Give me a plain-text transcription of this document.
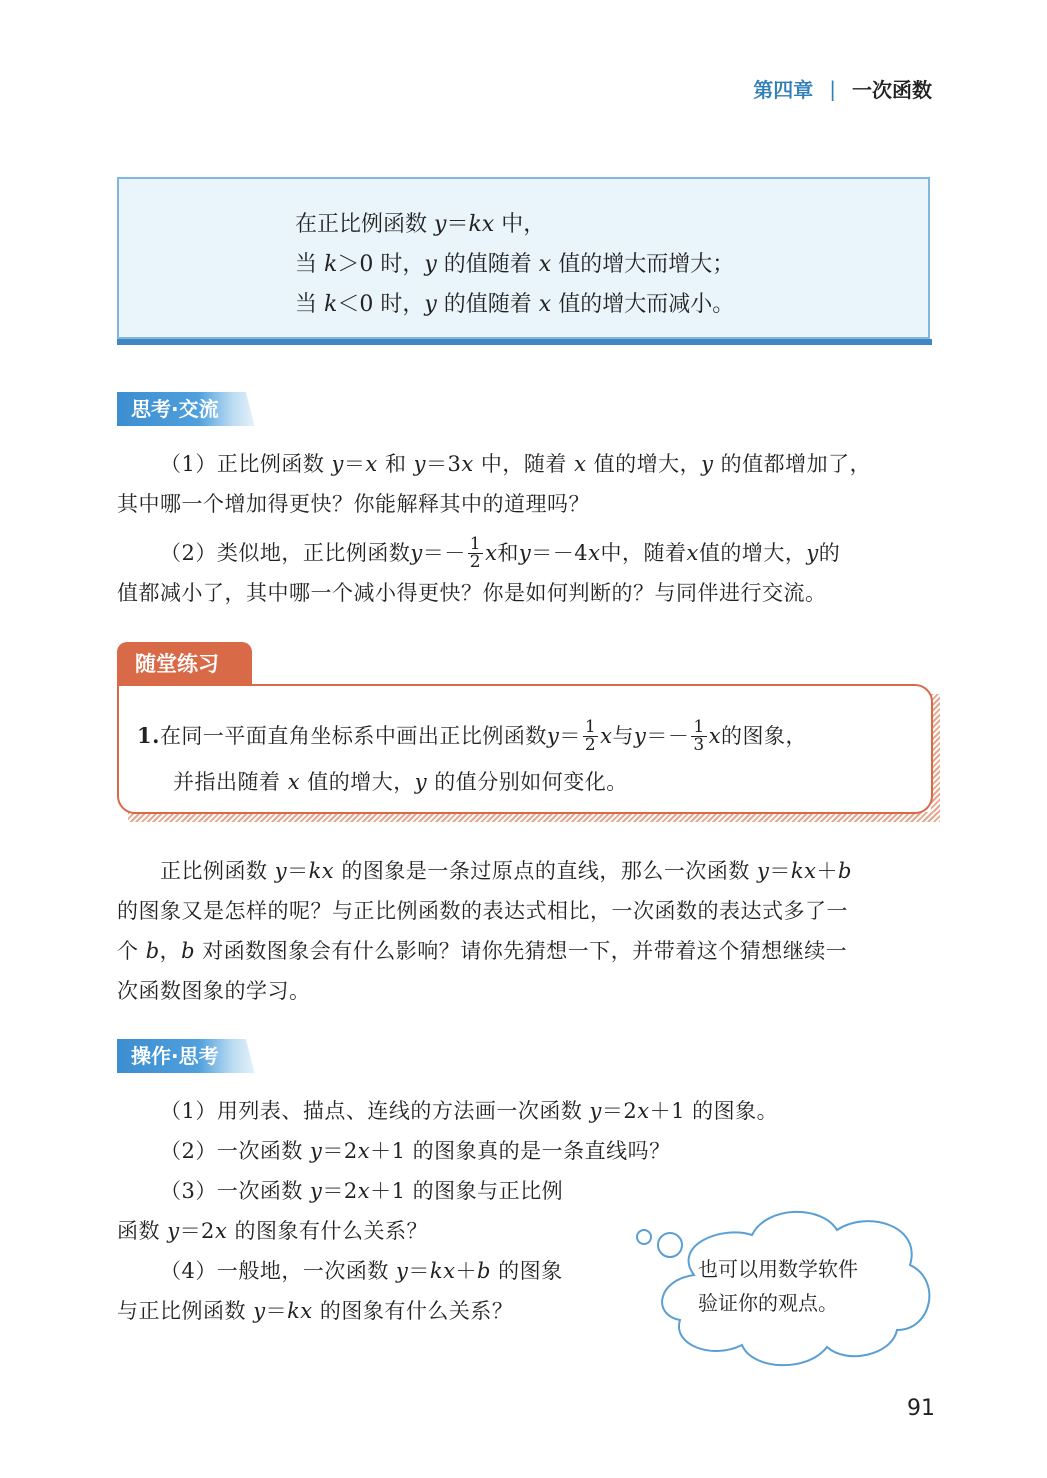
第四章 | 一次函数
在正比例函数 y＝kx 中，
当 k＞0 时，y 的值随着 x 值的增大而增大；
当 k＜0 时，y 的值随着 x 值的增大而减小。
思考·交流
（1）正比例函数 y＝x 和 y＝3x 中，随着 x 值的增大，y 的值都增加了，
其中哪一个增加得更快？你能解释其中的道理吗？
（2）类似地，正比例函数 $y =- \frac{1}{2}$ x 和 y ＝－4 x 中，随着 x 值的增大， y 的
值都减小了，其中哪一个减小得更快？你是如何判断的？与同伴进行交流。
随堂练习
1. 在同一平面直角坐标系中画出正比例函数 $y = \frac{1}{2}$ x 与 $y =- \frac{1}{3}$ x 的图象，
并指出随着 x 值的增大，y 的值分别如何变化。
正比例函数 y＝kx 的图象是一条过原点的直线，那么一次函数 y＝kx＋b
的图象又是怎样的呢？与正比例函数的表达式相比，一次函数的表达式多了一
个 b，b 对函数图象会有什么影响？请你先猜想一下，并带着这个猜想继续一
次函数图象的学习。
操作·思考
（1）用列表、描点、连线的方法画一次函数 y＝2x＋1 的图象。
（2）一次函数 y＝2x＋1 的图象真的是一条直线吗？
（3）一次函数 y＝2x＋1 的图象与正比例
函数 y＝2x 的图象有什么关系？
（4）一般地，一次函数 y＝kx＋b 的图象
与正比例函数 y＝kx 的图象有什么关系？
也可以用数学软件
验证你的观点。
91
